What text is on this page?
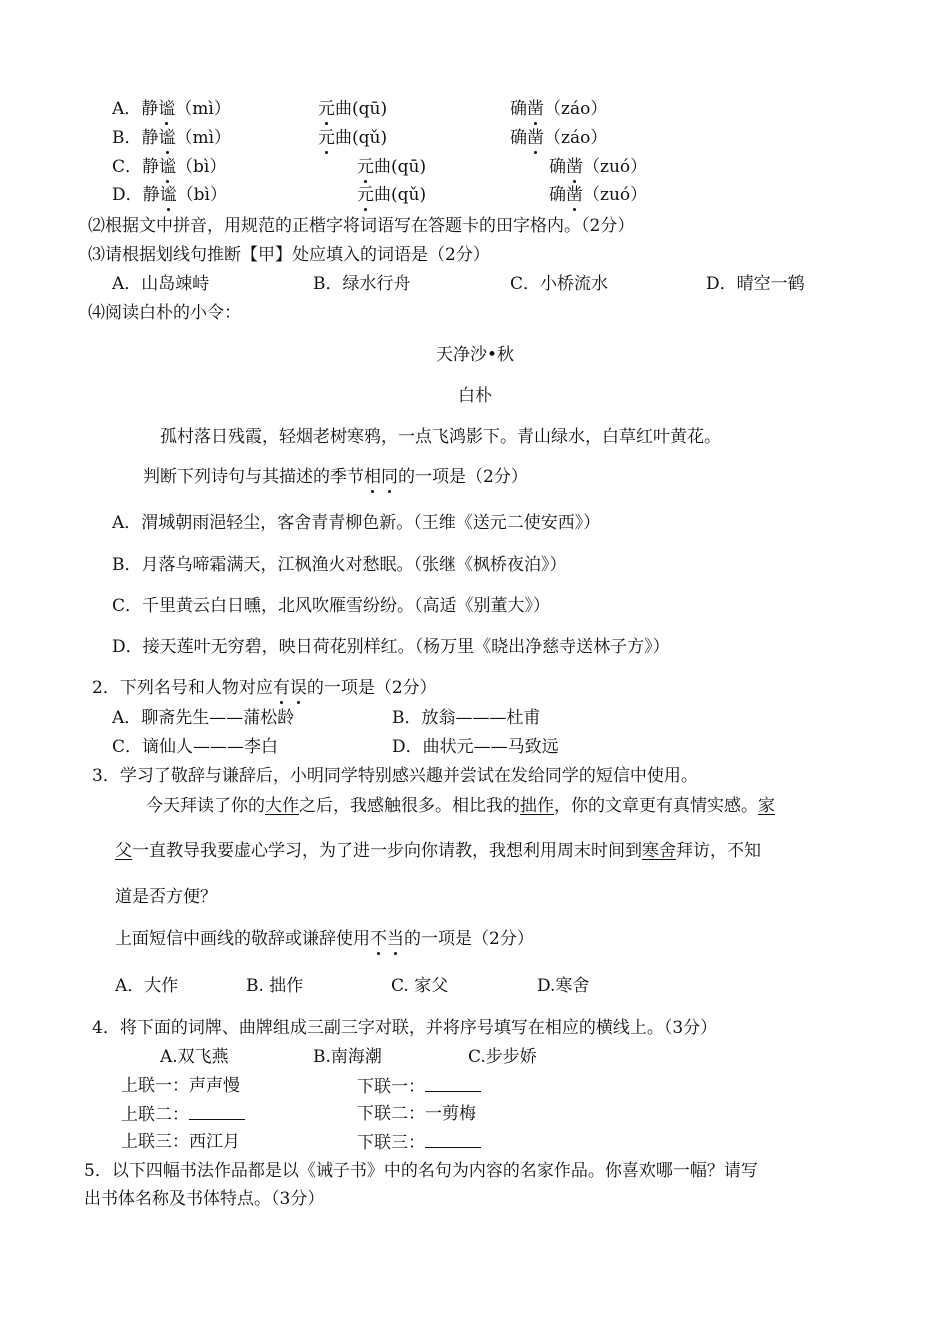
A．静谧（mì）	元曲(qū)	确凿（záo）
B．静谧（mì）	元曲(qǔ)	确凿（záo）
C．静谧（bì）	元曲(qū)	确凿（zuó）
D．静谧（bì）	元曲(qǔ)	确凿（zuó）
⑵根据文中拼音，用规范的正楷字将词语写在答题卡的田字格内。（2分）
⑶请根据划线句推断【甲】处应填入的词语是（2分）
A．山岛竦峙	B．绿水行舟	C．小桥流水	D．晴空一鹤
⑷阅读白朴的小令：
天净沙•秋
白朴
孤村落日残霞，轻烟老树寒鸦，一点飞鸿影下。青山绿水，白草红叶黄花。
判断下列诗句与其描述的季节相同的一项是（2分）
A．渭城朝雨浥轻尘，客舍青青柳色新。（王维《送元二使安西》）
B．月落乌啼霜满天，江枫渔火对愁眠。（张继《枫桥夜泊》）
C．千里黄云白日曛，北风吹雁雪纷纷。（高适《别董大》）
D．接天莲叶无穷碧，映日荷花别样红。（杨万里《晓出净慈寺送林子方》）
2．下列名号和人物对应有误的一项是（2分）
A．聊斋先生——蒲松龄	B．放翁———杜甫
C．谪仙人———李白	D．曲状元——马致远
3．学习了敬辞与谦辞后，小明同学特别感兴趣并尝试在发给同学的短信中使用。
今天拜读了你的大作之后，我感触很多。相比我的拙作，你的文章更有真情实感。家
父一直教导我要虚心学习，为了进一步向你请教，我想利用周末时间到寒舍拜访，不知
道是否方便？
上面短信中画线的敬辞或谦辞使用不当的一项是（2分）
A．大作	B. 拙作	C. 家父	D.寒舍
4．将下面的词牌、曲牌组成三副三字对联，并将序号填写在相应的横线上。（3分）
A.双飞燕	B.南海潮	C.步步娇
上联一：声声慢	下联一：
上联二：	下联二：一剪梅
上联三：西江月	下联三：
5．以下四幅书法作品都是以《诫子书》中的名句为内容的名家作品。你喜欢哪一幅？请写
出书体名称及书体特点。（3分）
